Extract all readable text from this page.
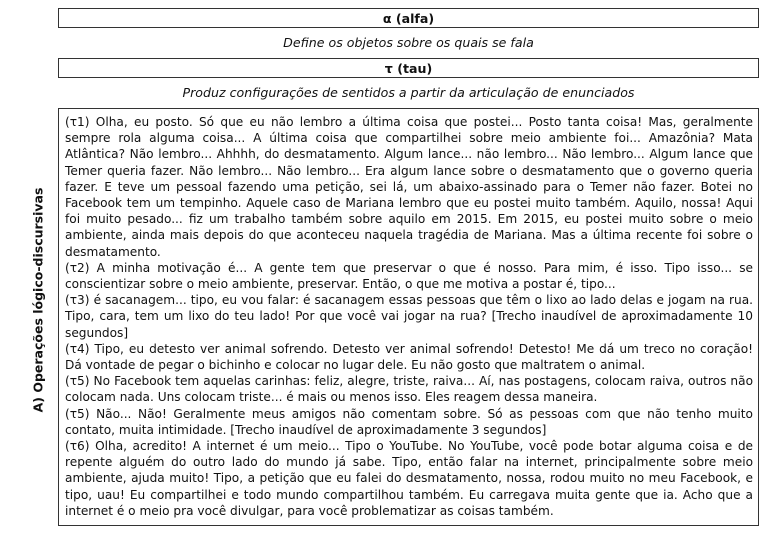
A) Operações lógico-discursivas
α (alfa)
Define os objetos sobre os quais se fala
τ (tau)
Produz configurações de sentidos a partir da articulação de enunciados

(τ1) Olha, eu posto. Só que eu não lembro a última coisa que postei... Posto tanta coisa! Mas, geralmente sempre rola alguma coisa... A última coisa que compartilhei sobre meio ambiente foi... Amazônia? Mata Atlântica? Não lembro... Ahhhh, do desmatamento. Algum lance... não lembro... Não lembro... Algum lance que Temer queria fazer. Não lembro... Não lembro... Era algum lance sobre o desmatamento que o governo queria fazer. E teve um pessoal fazendo uma petição, sei lá, um abaixo-assinado para o Temer não fazer. Botei no Facebook tem um tempinho. Aquele caso de Mariana lembro que eu postei muito também. Aquilo, nossa! Aqui foi muito pesado... fiz um trabalho também sobre aquilo em 2015. Em 2015, eu postei muito sobre o meio ambiente, ainda mais depois do que aconteceu naquela tragédia de Mariana. Mas a última recente foi sobre o desmatamento.

(τ2) A minha motivação é... A gente tem que preservar o que é nosso. Para mim, é isso. Tipo isso... se conscientizar sobre o meio ambiente, preservar. Então, o que me motiva a postar é, tipo...

(τ3) é sacanagem... tipo, eu vou falar: é sacanagem essas pessoas que têm o lixo ao lado delas e jogam na rua. Tipo, cara, tem um lixo do teu lado! Por que você vai jogar na rua? [Trecho inaudível de aproximadamente 10 segundos]

(τ4) Tipo, eu detesto ver animal sofrendo. Detesto ver animal sofrendo! Detesto! Me dá um treco no coração! Dá vontade de pegar o bichinho e colocar no lugar dele. Eu não gosto que maltratem o animal.

(τ5) No Facebook tem aquelas carinhas: feliz, alegre, triste, raiva... Aí, nas postagens, colocam raiva, outros não colocam nada. Uns colocam triste... é mais ou menos isso. Eles reagem dessa maneira.

(τ5) Não... Não! Geralmente meus amigos não comentam sobre. Só as pessoas com que não tenho muito contato, muita intimidade. [Trecho inaudível de aproximadamente 3 segundos]

(τ6) Olha, acredito! A internet é um meio... Tipo o YouTube. No YouTube, você pode botar alguma coisa e de repente alguém do outro lado do mundo já sabe. Tipo, então falar na internet, principalmente sobre meio ambiente, ajuda muito! Tipo, a petição que eu falei do desmatamento, nossa, rodou muito no meu Facebook, e tipo, uau! Eu compartilhei e todo mundo compartilhou também. Eu carregava muita gente que ia. Acho que a internet é o meio pra você divulgar, para você problematizar as coisas também.
